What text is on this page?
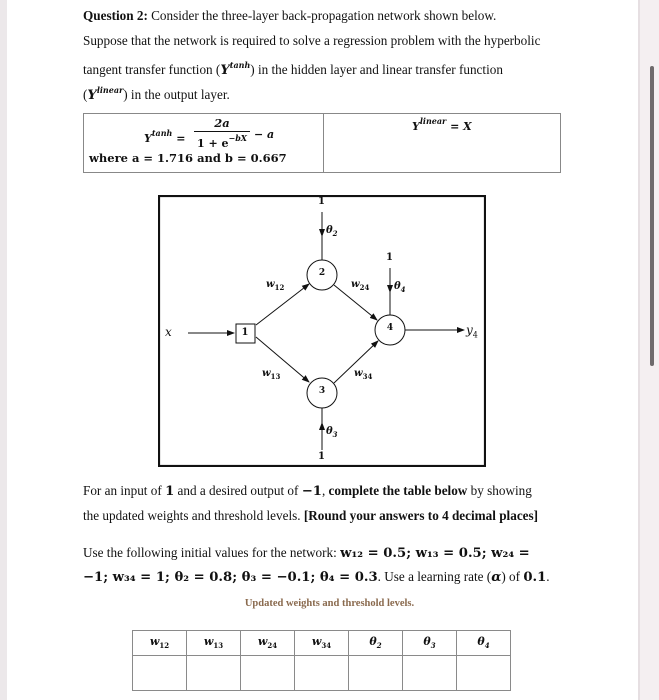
Question 2: Consider the three-layer back-propagation network shown below.
Suppose that the network is required to solve a regression problem with the hyperbolic
tangent transfer function $(Y^{tanh})$ in the hidden layer and linear transfer function
$(Y^{linear})$ in the output layer.
$Y^{tanh} = \frac{2a}{1 + e^{-bX}} - a$
where a = 1.716 and b = 0.667
$Y^{linear} = X$
1
2
3
4
x	$y_4$
1
1
1
$\theta_2$
$\theta_4$
$\theta_3$
$w_{12}$
$w_{13}$
$w_{24}$
$w_{34}$
For an input of 1 and a desired output of −1, complete the table below by showing
the updated weights and threshold levels. [Round your answers to 4 decimal places]
Use the following initial values for the network: w₁₂ = 0.5; w₁₃ = 0.5; w₂₄ =
−1; w₃₄ = 1; θ₂ = 0.8; θ₃ = −0.1; θ₄ = 0.3. Use a learning rate (α) of 0.1.
Updated weights and threshold levels.
$w_{12}$	$w_{13}$	$w_{24}$	$w_{34}$	$\theta_2$	$\theta_3$	$\theta_4$
